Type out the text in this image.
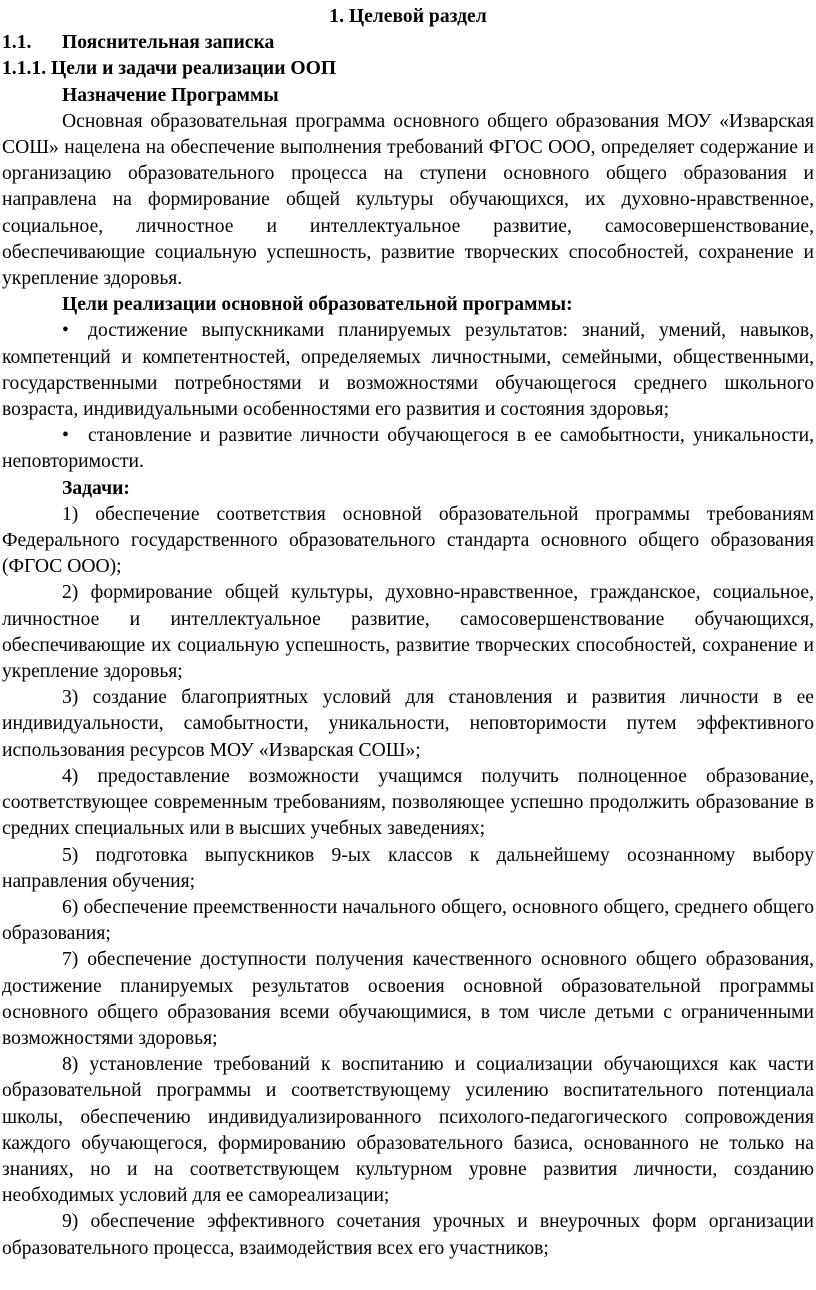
1. Целевой раздел
1.1.	Пояснительная записка
1.1.1. Цели и задачи реализации ООП
Назначение Программы

Основная образовательная программа основного общего образования МОУ «Изварская СОШ» нацелена на обеспечение выполнения требований ФГОС ООО, определяет содержание и организацию образовательного процесса на ступени основного общего образования и направлена на формирование общей культуры обучающихся, их духовно-нравственное, социальное, личностное и интеллектуальное развитие, самосовершенствование, обеспечивающие социальную успешность, развитие творческих способностей, сохранение и укрепление здоровья.

Цели реализации основной образовательной программы:

• достижение выпускниками планируемых результатов: знаний, умений, навыков, компетенций и компетентностей, определяемых личностными, семейными, общественными, государственными потребностями и возможностями обучающегося среднего школьного возраста, индивидуальными особенностями его развития и состояния здоровья;

• становление и развитие личности обучающегося в ее самобытности, уникальности, неповторимости.

Задачи:

1) обеспечение соответствия основной образовательной программы требованиям Федерального государственного образовательного стандарта основного общего образования (ФГОС ООО);

2) формирование общей культуры, духовно-нравственное, гражданское, социальное, личностное и интеллектуальное развитие, самосовершенствование обучающихся, обеспечивающие их социальную успешность, развитие творческих способностей, сохранение и укрепление здоровья;

3) создание благоприятных условий для становления и развития личности в ее индивидуальности, самобытности, уникальности, неповторимости путем эффективного использования ресурсов МОУ «Изварская СОШ»;

4) предоставление возможности учащимся получить полноценное образование, соответствующее современным требованиям, позволяющее успешно продолжить образование в средних специальных или в высших учебных заведениях;

5) подготовка выпускников 9-ых классов к дальнейшему осознанному выбору направления обучения;

6) обеспечение преемственности начального общего, основного общего, среднего общего образования;

7) обеспечение доступности получения качественного основного общего образования, достижение планируемых результатов освоения основной образовательной программы основного общего образования всеми обучающимися, в том числе детьми с ограниченными возможностями здоровья;

8) установление требований к воспитанию и социализации обучающихся как части образовательной программы и соответствующему усилению воспитательного потенциала школы, обеспечению индивидуализированного психолого-педагогического сопровождения каждого обучающегося, формированию образовательного базиса, основанного не только на знаниях, но и на соответствующем культурном уровне развития личности, созданию необходимых условий для ее самореализации;

9) обеспечение эффективного сочетания урочных и внеурочных форм организации образовательного процесса, взаимодействия всех его участников;
